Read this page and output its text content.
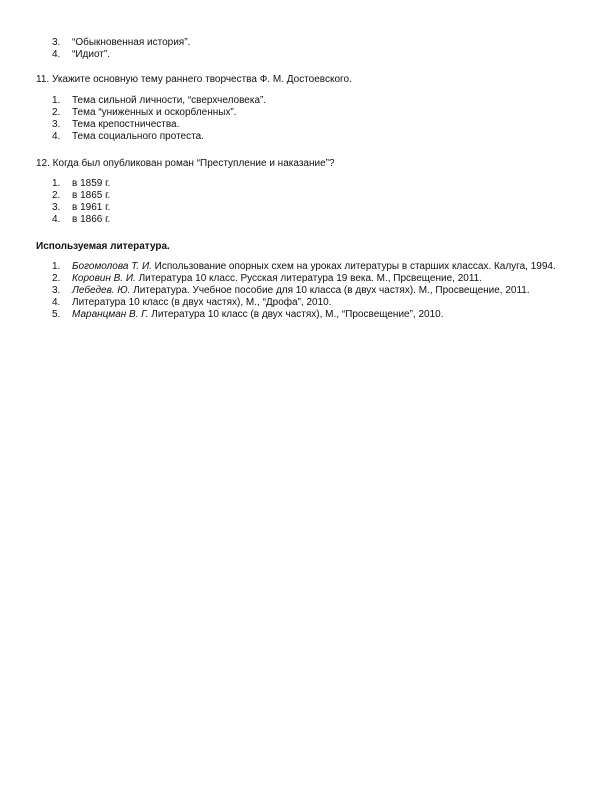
3. “Обыкновенная история”.
4. “Идиот”.

11. Укажите основную тему раннего творчества Ф. М. Достоевского.

1. Тема сильной личности, “сверхчеловека”.
2. Тема “униженных и оскорбленных”.
3. Тема крепостничества.
4. Тема социального протеста.

12. Когда был опубликован роман “Преступление и наказание”?

1. в 1859 г.
2. в 1865 г.
3. в 1961 г.
4. в 1866 г.

Используемая литература.

1. Богомолова Т. И. Использование опорных схем на уроках литературы в старших классах. Калуга, 1994.
2. Коровин В. И. Литература 10 класс. Русская литература 19 века. М., Прсвещение, 2011.
3. Лебедев. Ю. Литература. Учебное пособие для 10 класса (в двух частях). М., Просвещение, 2011.
4. Литература 10 класс (в двух частях), М., “Дрофа”, 2010.
5. Маранцман В. Г. Литература 10 класс (в двух частях), М., “Просвещение”, 2010.
